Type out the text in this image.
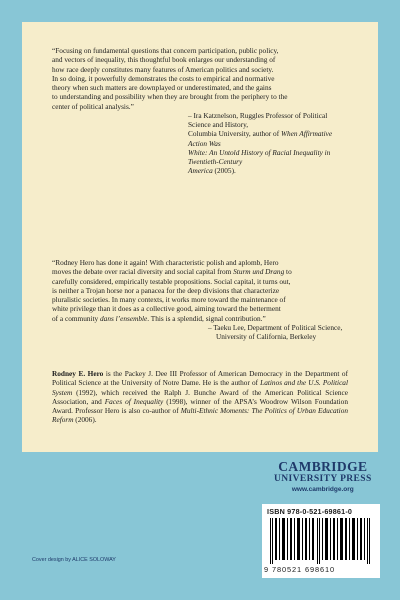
“Focusing on fundamental questions that concern participation, public policy,
and vectors of inequality, this thoughtful book enlarges our understanding of
how race deeply constitutes many features of American politics and society.
In so doing, it powerfully demonstrates the costs to empirical and normative
theory when such matters are downplayed or underestimated, and the gains
to understanding and possibility when they are brought from the periphery to the
center of political analysis.”
– Ira Katznelson, Ruggles Professor of Political Science and History,
Columbia University, author of When Affirmative Action Was
White: An Untold History of Racial Inequality in Twentieth-Century
America (2005).
“Rodney Hero has done it again! With characteristic polish and aplomb, Hero
moves the debate over racial diversity and social capital from Sturm und Drang to
carefully considered, empirically testable propositions. Social capital, it turns out,
is neither a Trojan horse nor a panacea for the deep divisions that characterize
pluralistic societies. In many contexts, it works more toward the maintenance of
white privilege than it does as a collective good, aiming toward the betterment
of a community dans l’ensemble. This is a splendid, signal contribution.”
– Taeku Lee, Department of Political Science,
University of California, Berkeley
Rodney E. Hero is the Packey J. Dee III Professor of American Democracy in the Department of Political Science at the University of Notre Dame. He is the author of Latinos and the U.S. Political System (1992), which received the Ralph J. Bunche Award of the American Political Science Association, and Faces of Inequality (1998), winner of the APSA’s Woodrow Wilson Foundation Award. Professor Hero is also co-author of Multi-Ethnic Moments: The Politics of Urban Education Reform (2006).
CAMBRIDGE
UNIVERSITY PRESS
www.cambridge.org
ISBN 978-0-521-69861-0
9 780521 698610
Cover design by ALICE SOLOWAY
